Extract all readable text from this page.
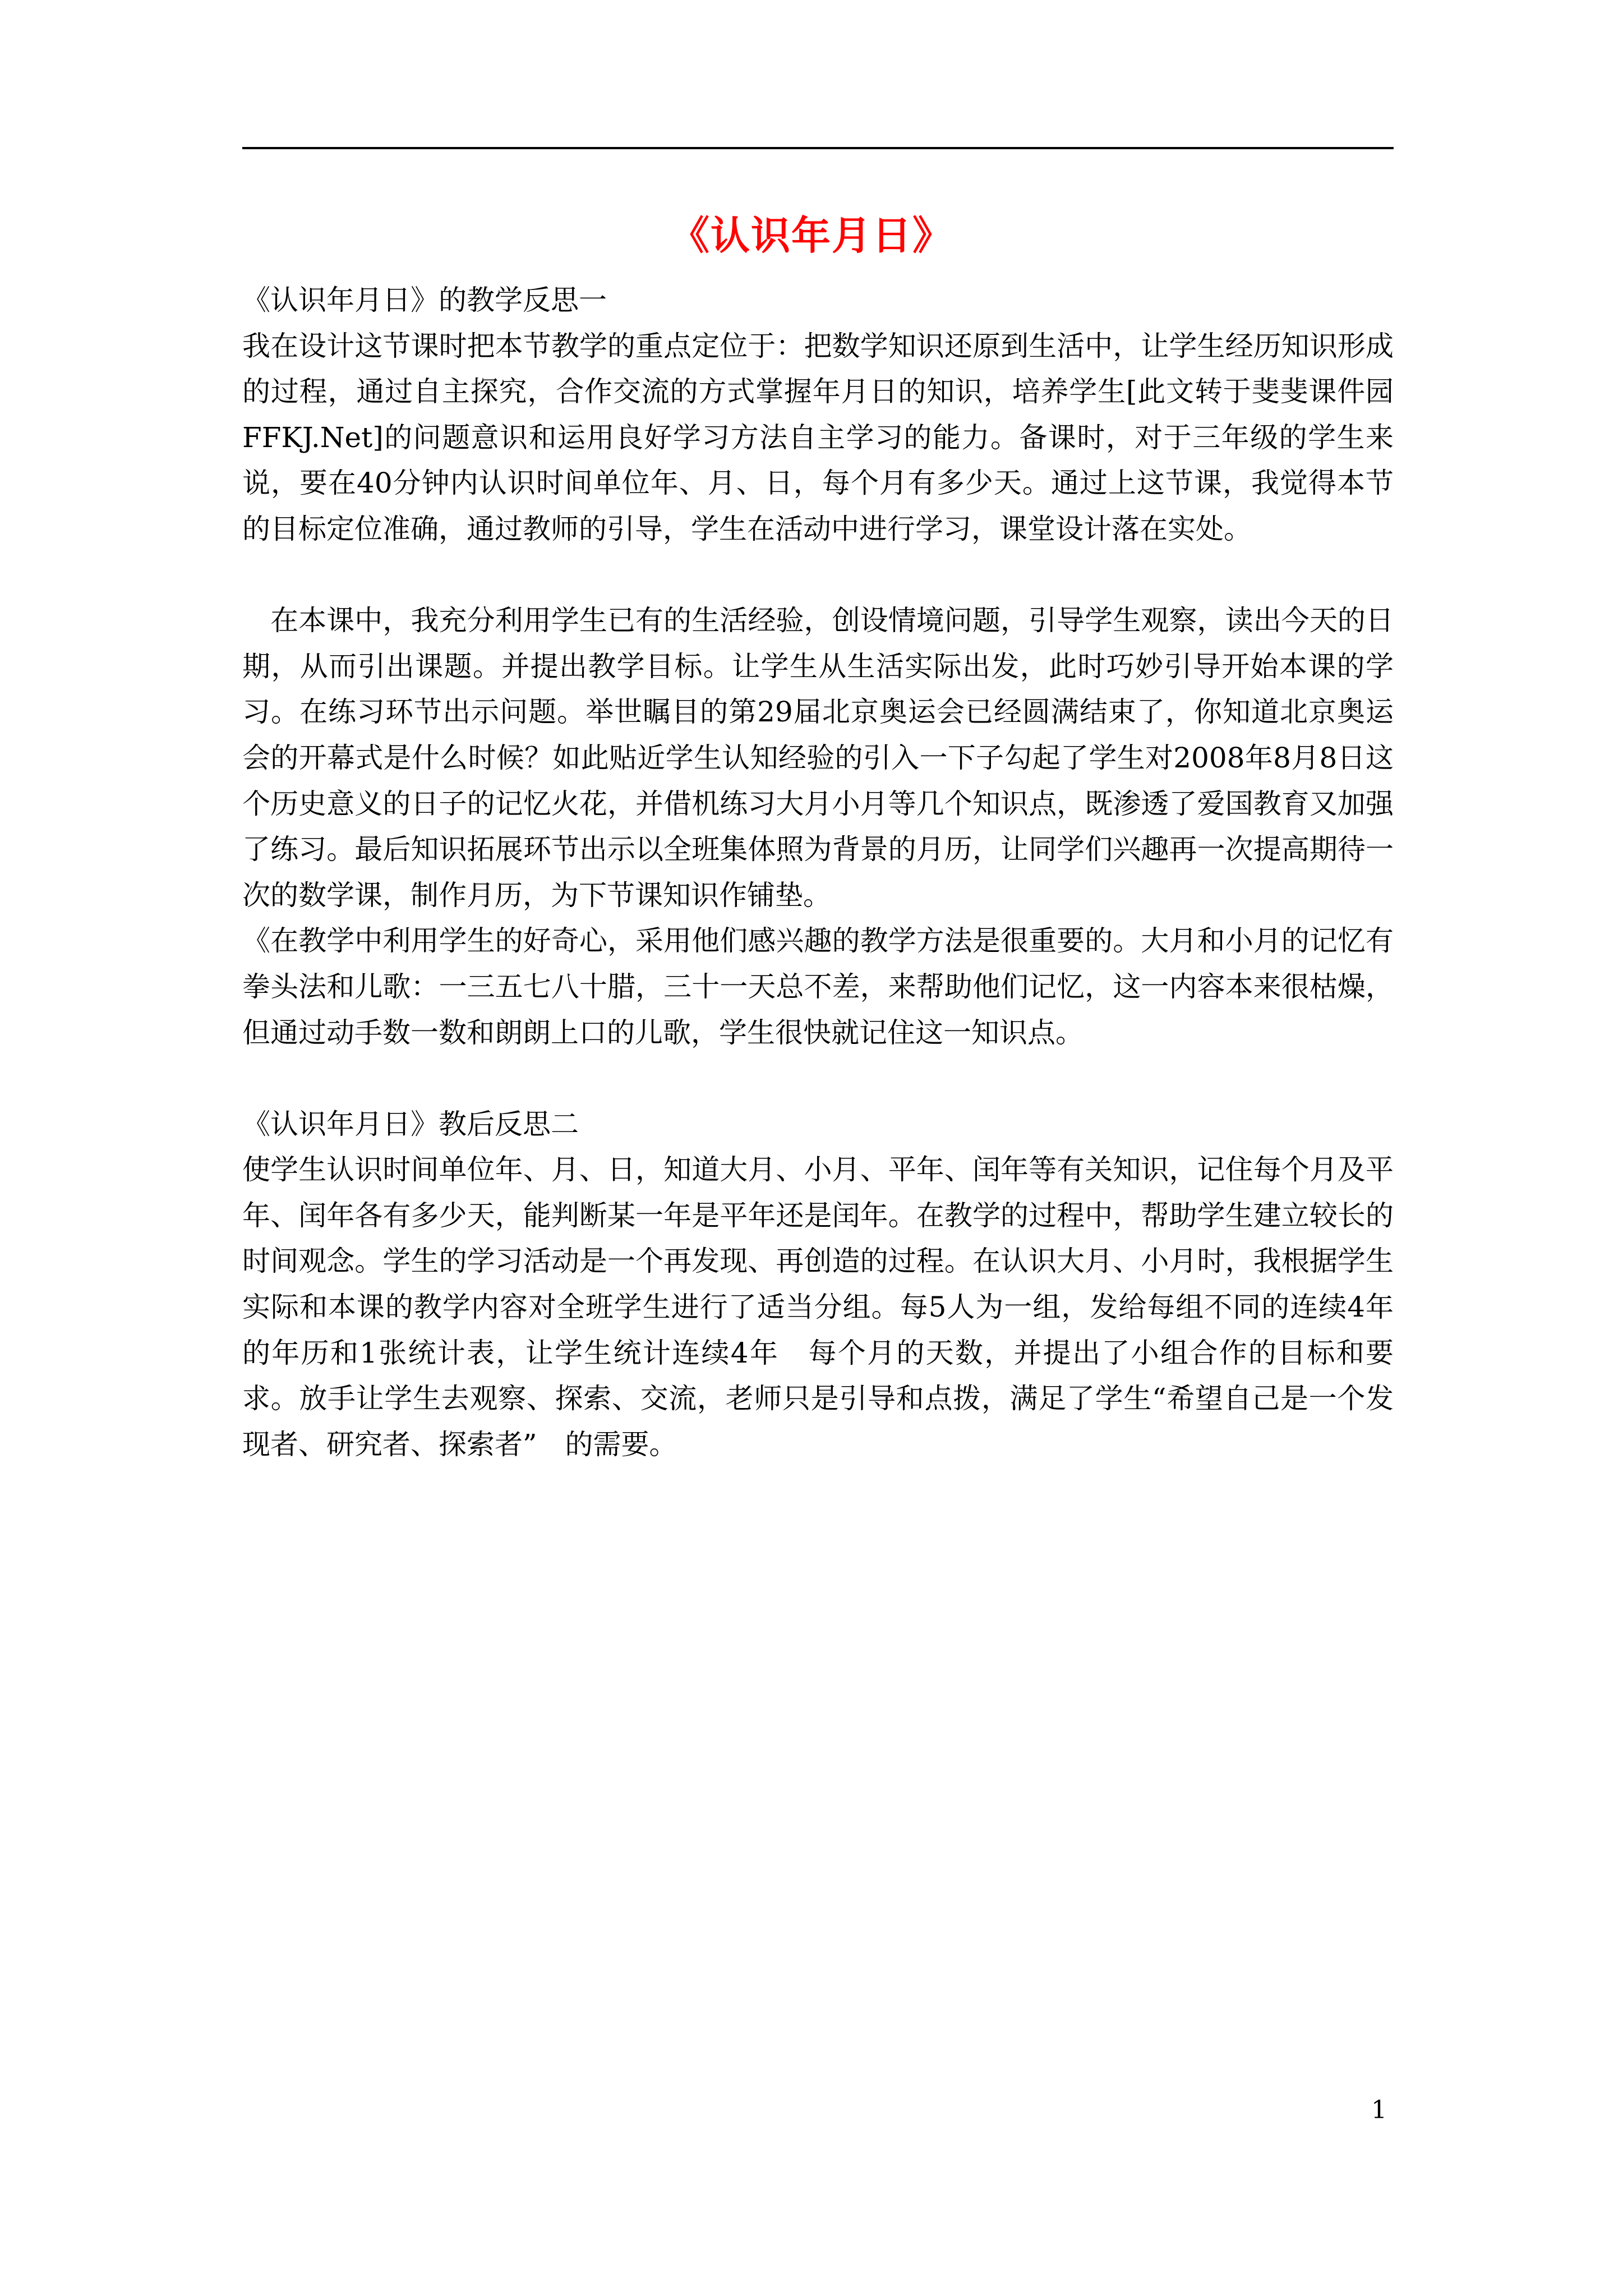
《认识年月日》

《认识年月日》的教学反思一

我在设计这节课时把本节教学的重点定位于：把数学知识还原到生活中，让学生经历知识形成的过程，通过自主探究，合作交流的方式掌握年月日的知识，培养学生[此文转于斐斐课件园　FFKJ.Net]的问题意识和运用良好学习方法自主学习的能力。备课时，对于三年级的学生来说，要在40分钟内认识时间单位年、月、日，每个月有多少天。通过上这节课，我觉得本节的目标定位准确，通过教师的引导，学生在活动中进行学习，课堂设计落在实处。

　在本课中，我充分利用学生已有的生活经验，创设情境问题，引导学生观察，读出今天的日期，从而引出课题。并提出教学目标。让学生从生活实际出发，此时巧妙引导开始本课的学习。在练习环节出示问题。举世瞩目的第29届北京奥运会已经圆满结束了，你知道北京奥运会的开幕式是什么时候？如此贴近学生认知经验的引入一下子勾起了学生对2008年8月8日这个历史意义的日子的记忆火花，并借机练习大月小月等几个知识点，既渗透了爱国教育又加强了练习。最后知识拓展环节出示以全班集体照为背景的月历，让同学们兴趣再一次提高期待一次的数学课，制作月历，为下节课知识作铺垫。

《在教学中利用学生的好奇心，采用他们感兴趣的教学方法是很重要的。大月和小月的记忆有拳头法和儿歌：一三五七八十腊，三十一天总不差，来帮助他们记忆，这一内容本来很枯燥，但通过动手数一数和朗朗上口的儿歌，学生很快就记住这一知识点。

《认识年月日》教后反思二

使学生认识时间单位年、月、日，知道大月、小月、平年、闰年等有关知识，记住每个月及平年、闰年各有多少天，能判断某一年是平年还是闰年。在教学的过程中，帮助学生建立较长的时间观念。学生的学习活动是一个再发现、再创造的过程。在认识大月、小月时，我根据学生实际和本课的教学内容对全班学生进行了适当分组。每5人为一组，发给每组不同的连续4年的年历和1张统计表，让学生统计连续4年　每个月的天数，并提出了小组合作的目标和要求。放手让学生去观察、探索、交流，老师只是引导和点拨，满足了学生“希望自己是一个发现者、研究者、探索者”　的需要。

1
